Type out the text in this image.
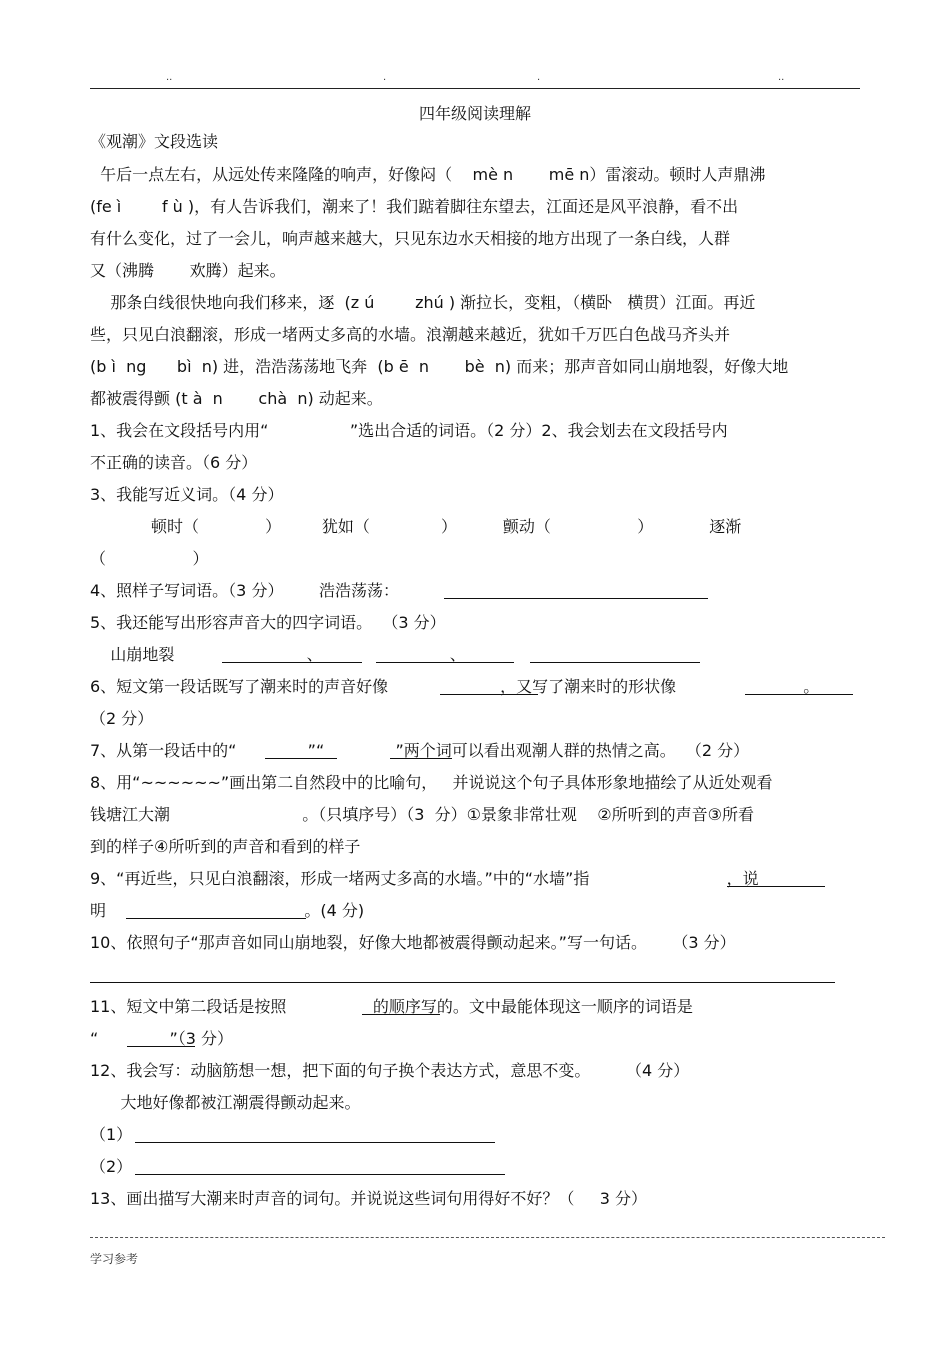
..	.	.	..
四年级阅读理解
《观潮》文段选读
午后一点左右，从远处传来隆隆的响声，好像闷（    mè n       mē n）雷滚动。顿时人声鼎沸
(fe ì        f ù )，有人告诉我们，潮来了！我们踮着脚往东望去，江面还是风平浪静，看不出
有什么变化，过了一会儿，响声越来越大，只见东边水天相接的地方出现了一条白线，人群
又（沸腾       欢腾）起来。
那条白线很快地向我们移来，逐  (z ú        zhú ) 渐拉长，变粗，（横卧   横贯）江面。再近
些，只见白浪翻滚，形成一堵两丈多高的水墙。浪潮越来越近，犹如千万匹白色战马齐头并
(b ì  ng      bì  n) 进，浩浩荡荡地飞奔  (b ē  n       bè  n) 而来；那声音如同山崩地裂，好像大地
都被震得颤 (t à  n       chà  n) 动起来。
1、我会在文段括号内用“                ”选出合适的词语。（2 分）2、我会划去在文段括号内
不正确的读音。（6 分）
3、我能写近义词。（4 分）
顿时（             ）        犹如（              ）         颤动（                 ）           逐渐
（                 ）
4、照样子写词语。（3 分）       浩浩荡荡：
5、我还能写出形容声音大的四字词语。  （3 分）
山崩地裂                          、                         、
6、短文第一段话既写了潮来时的声音好像                      ，又写了潮来时的形状像                         。
（2 分）
7、从第一段话中的“              ”“              ”两个词可以看出观潮人群的热情之高。  （2 分）
8、用“~~~~~~”画出第二自然段中的比喻句，   并说说这个句子具体形象地描绘了从近处观看
钱塘江大潮                          。（只填序号）（3  分）①景象非常壮观    ②所听到的声音③所看
到的样子④所听到的声音和看到的样子
9、“再近些，只见白浪翻滚，形成一堵两丈多高的水墙。”中的“水墙”指                           ，说
明                                       。(4 分)
10、依照句子“那声音如同山崩地裂，好像大地都被震得颤动起来。”写一句话。     （3 分）
11、短文中第二段话是按照                 的顺序写的。文中最能体现这一顺序的词语是
“              ”（3 分）
12、我会写：动脑筋想一想，把下面的句子换个表达方式，意思不变。       （4 分）
大地好像都被江潮震得颤动起来。
（1）
（2）
13、画出描写大潮来时声音的词句。并说说这些词句用得好不好？（     3 分）
学习参考
